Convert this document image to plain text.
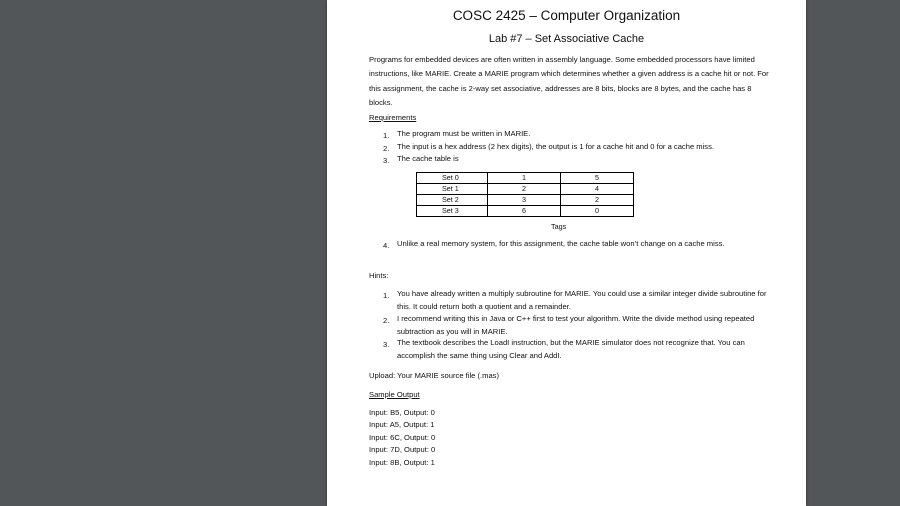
COSC 2425 – Computer Organization
Lab #7 – Set Associative Cache
Programs for embedded devices are often written in assembly language. Some embedded processors have limited instructions, like MARIE. Create a MARIE program which determines whether a given address is a cache hit or not. For this assignment, the cache is 2-way set associative, addresses are 8 bits, blocks are 8 bytes, and the cache has 8 blocks.
Requirements
1. The program must be written in MARIE.
2. The input is a hex address (2 hex digits), the output is 1 for a cache hit and 0 for a cache miss.
3. The cache table is
Set 0	1	5
Set 1	2	4
Set 2	3	2
Set 3	6	0
Tags
4. Unlike a real memory system, for this assignment, the cache table won’t change on a cache miss.
Hints:
1. You have already written a multiply subroutine for MARIE. You could use a similar integer divide subroutine for this. It could return both a quotient and a remainder.
2. I recommend writing this in Java or C++ first to test your algorithm. Write the divide method using repeated subtraction as you will in MARIE.
3. The textbook describes the LoadI instruction, but the MARIE simulator does not recognize that. You can accomplish the same thing using Clear and AddI.
Upload: Your MARIE source file (.mas)
Sample Output
Input: B5, Output: 0
Input: A5, Output: 1
Input: 6C, Output: 0
Input: 7D, Output: 0
Input: 8B, Output: 1
